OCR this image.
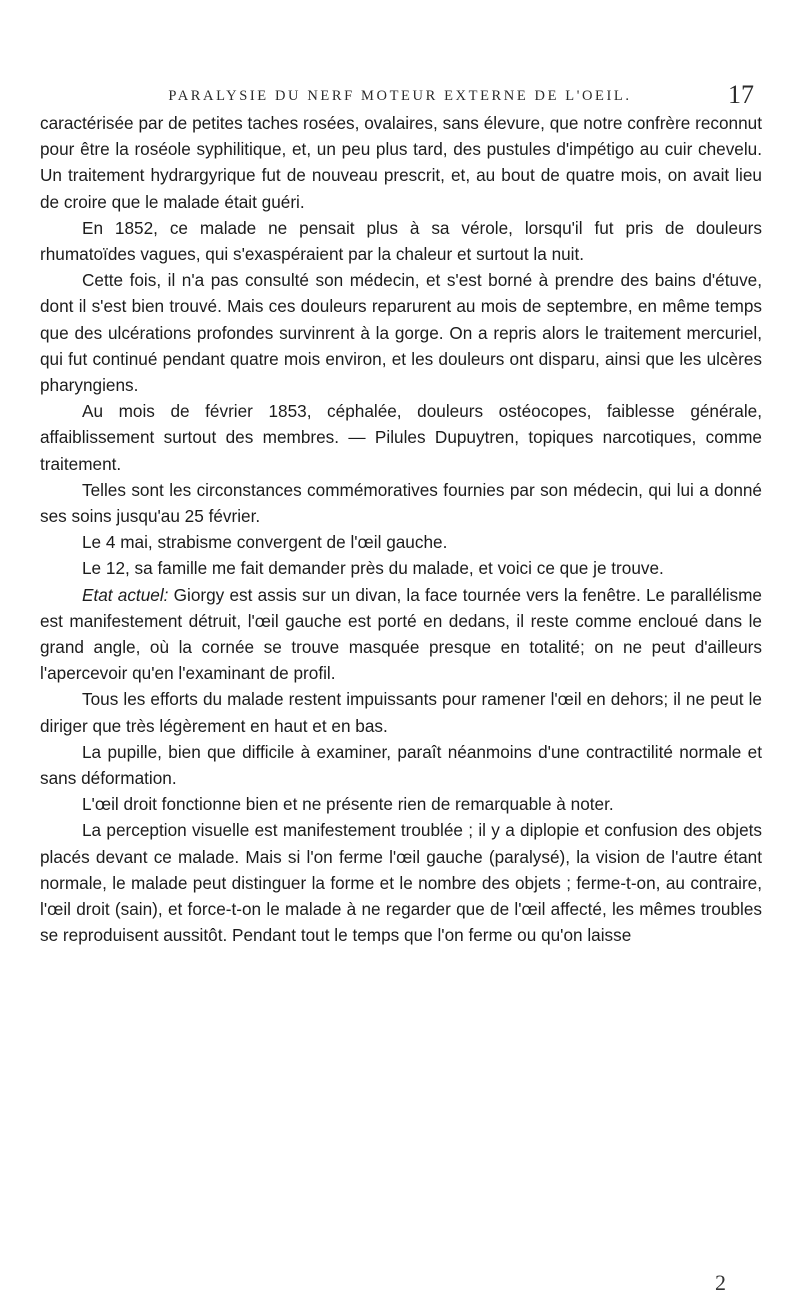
PARALYSIE DU NERF MOTEUR EXTERNE DE L'OEIL.	17

caractérisée par de petites taches rosées, ovalaires, sans élevure, que notre confrère reconnut pour être la roséole syphilitique, et, un peu plus tard, des pustules d'impétigo au cuir chevelu. Un traitement hydrargyrique fut de nouveau prescrit, et, au bout de quatre mois, on avait lieu de croire que le malade était guéri.

En 1852, ce malade ne pensait plus à sa vérole, lorsqu'il fut pris de douleurs rhumatoïdes vagues, qui s'exaspéraient par la chaleur et surtout la nuit.

Cette fois, il n'a pas consulté son médecin, et s'est borné à prendre des bains d'étuve, dont il s'est bien trouvé. Mais ces douleurs reparurent au mois de septembre, en même temps que des ulcérations profondes survinrent à la gorge. On a repris alors le traitement mercuriel, qui fut continué pendant quatre mois environ, et les douleurs ont disparu, ainsi que les ulcères pharyngiens.

Au mois de février 1853, céphalée, douleurs ostéocopes, faiblesse générale, affaiblissement surtout des membres. — Pilules Dupuytren, topiques narcotiques, comme traitement.

Telles sont les circonstances commémoratives fournies par son médecin, qui lui a donné ses soins jusqu'au 25 février.

Le 4 mai, strabisme convergent de l'œil gauche.

Le 12, sa famille me fait demander près du malade, et voici ce que je trouve.

Etat actuel: Giorgy est assis sur un divan, la face tournée vers la fenêtre. Le parallélisme est manifestement détruit, l'œil gauche est porté en dedans, il reste comme encloué dans le grand angle, où la cornée se trouve masquée presque en totalité; on ne peut d'ailleurs l'apercevoir qu'en l'examinant de profil.

Tous les efforts du malade restent impuissants pour ramener l'œil en dehors; il ne peut le diriger que très légèrement en haut et en bas.

La pupille, bien que difficile à examiner, paraît néanmoins d'une contractilité normale et sans déformation.

L'œil droit fonctionne bien et ne présente rien de remarquable à noter.

La perception visuelle est manifestement troublée ; il y a diplopie et confusion des objets placés devant ce malade. Mais si l'on ferme l'œil gauche (paralysé), la vision de l'autre étant normale, le malade peut distinguer la forme et le nombre des objets ; ferme-t-on, au contraire, l'œil droit (sain), et force-t-on le malade à ne regarder que de l'œil affecté, les mêmes troubles se reproduisent aussitôt. Pendant tout le temps que l'on ferme ou qu'on laisse

2
